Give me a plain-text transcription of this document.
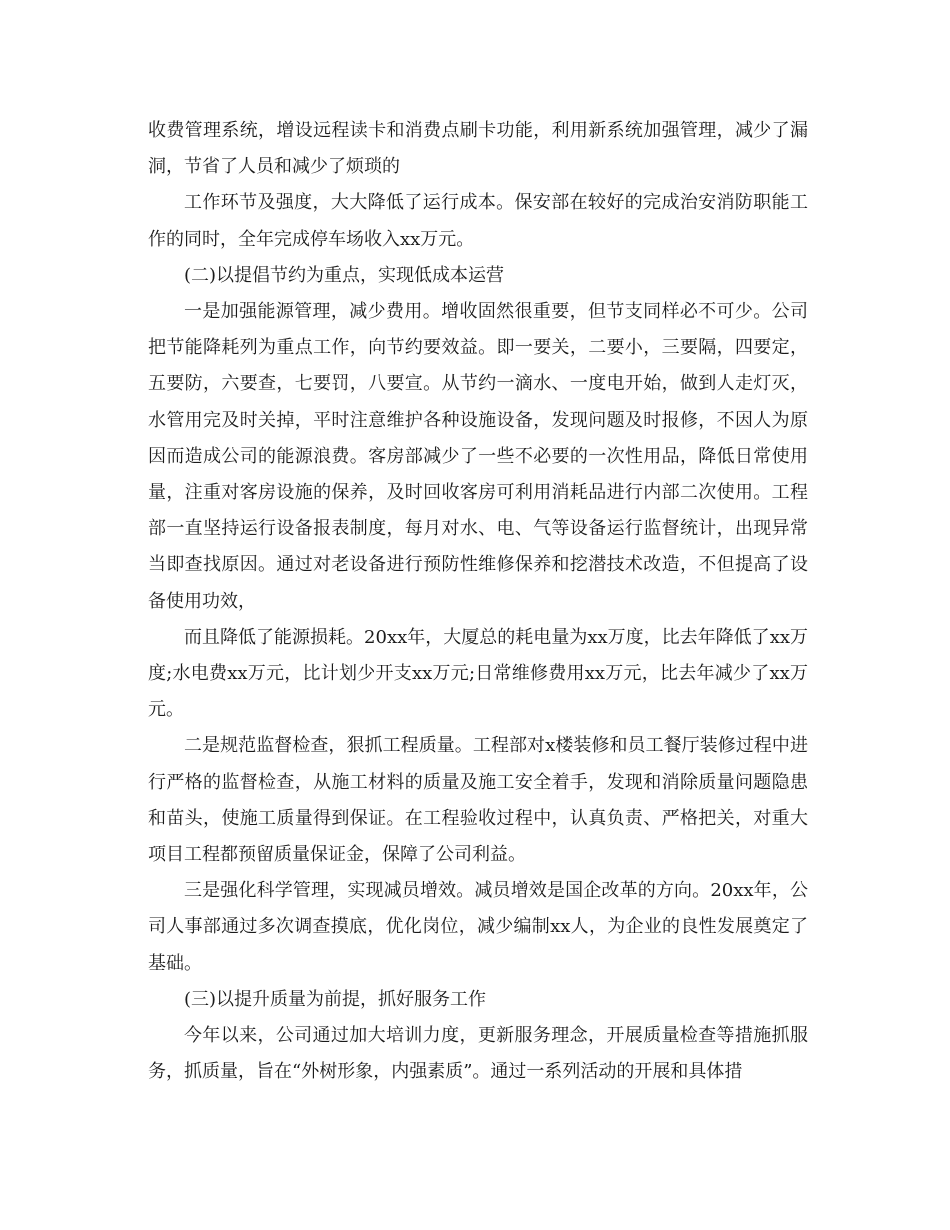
收费管理系统，增设远程读卡和消费点刷卡功能，利用新系统加强管理，减少了漏洞，节省了人员和减少了烦琐的

工作环节及强度，大大降低了运行成本。保安部在较好的完成治安消防职能工作的同时，全年完成停车场收入xx万元。

(二)以提倡节约为重点，实现低成本运营

一是加强能源管理，减少费用。增收固然很重要，但节支同样必不可少。公司把节能降耗列为重点工作，向节约要效益。即一要关，二要小，三要隔，四要定，五要防，六要查，七要罚，八要宣。从节约一滴水、一度电开始，做到人走灯灭，水管用完及时关掉，平时注意维护各种设施设备，发现问题及时报修，不因人为原因而造成公司的能源浪费。客房部减少了一些不必要的一次性用品，降低日常使用量，注重对客房设施的保养，及时回收客房可利用消耗品进行内部二次使用。工程部一直坚持运行设备报表制度，每月对水、电、气等设备运行监督统计，出现异常当即查找原因。通过对老设备进行预防性维修保养和挖潜技术改造，不但提高了设备使用功效，

而且降低了能源损耗。20xx年，大厦总的耗电量为xx万度，比去年降低了xx万度;水电费xx万元，比计划少开支xx万元;日常维修费用xx万元，比去年减少了xx万元。

二是规范监督检查，狠抓工程质量。工程部对x楼装修和员工餐厅装修过程中进行严格的监督检查，从施工材料的质量及施工安全着手，发现和消除质量问题隐患和苗头，使施工质量得到保证。在工程验收过程中，认真负责、严格把关，对重大项目工程都预留质量保证金，保障了公司利益。

三是强化科学管理，实现减员增效。减员增效是国企改革的方向。20xx年，公司人事部通过多次调查摸底，优化岗位，减少编制xx人，为企业的良性发展奠定了基础。

(三)以提升质量为前提，抓好服务工作

今年以来，公司通过加大培训力度，更新服务理念，开展质量检查等措施抓服务，抓质量，旨在“外树形象，内强素质”。通过一系列活动的开展和具体措
